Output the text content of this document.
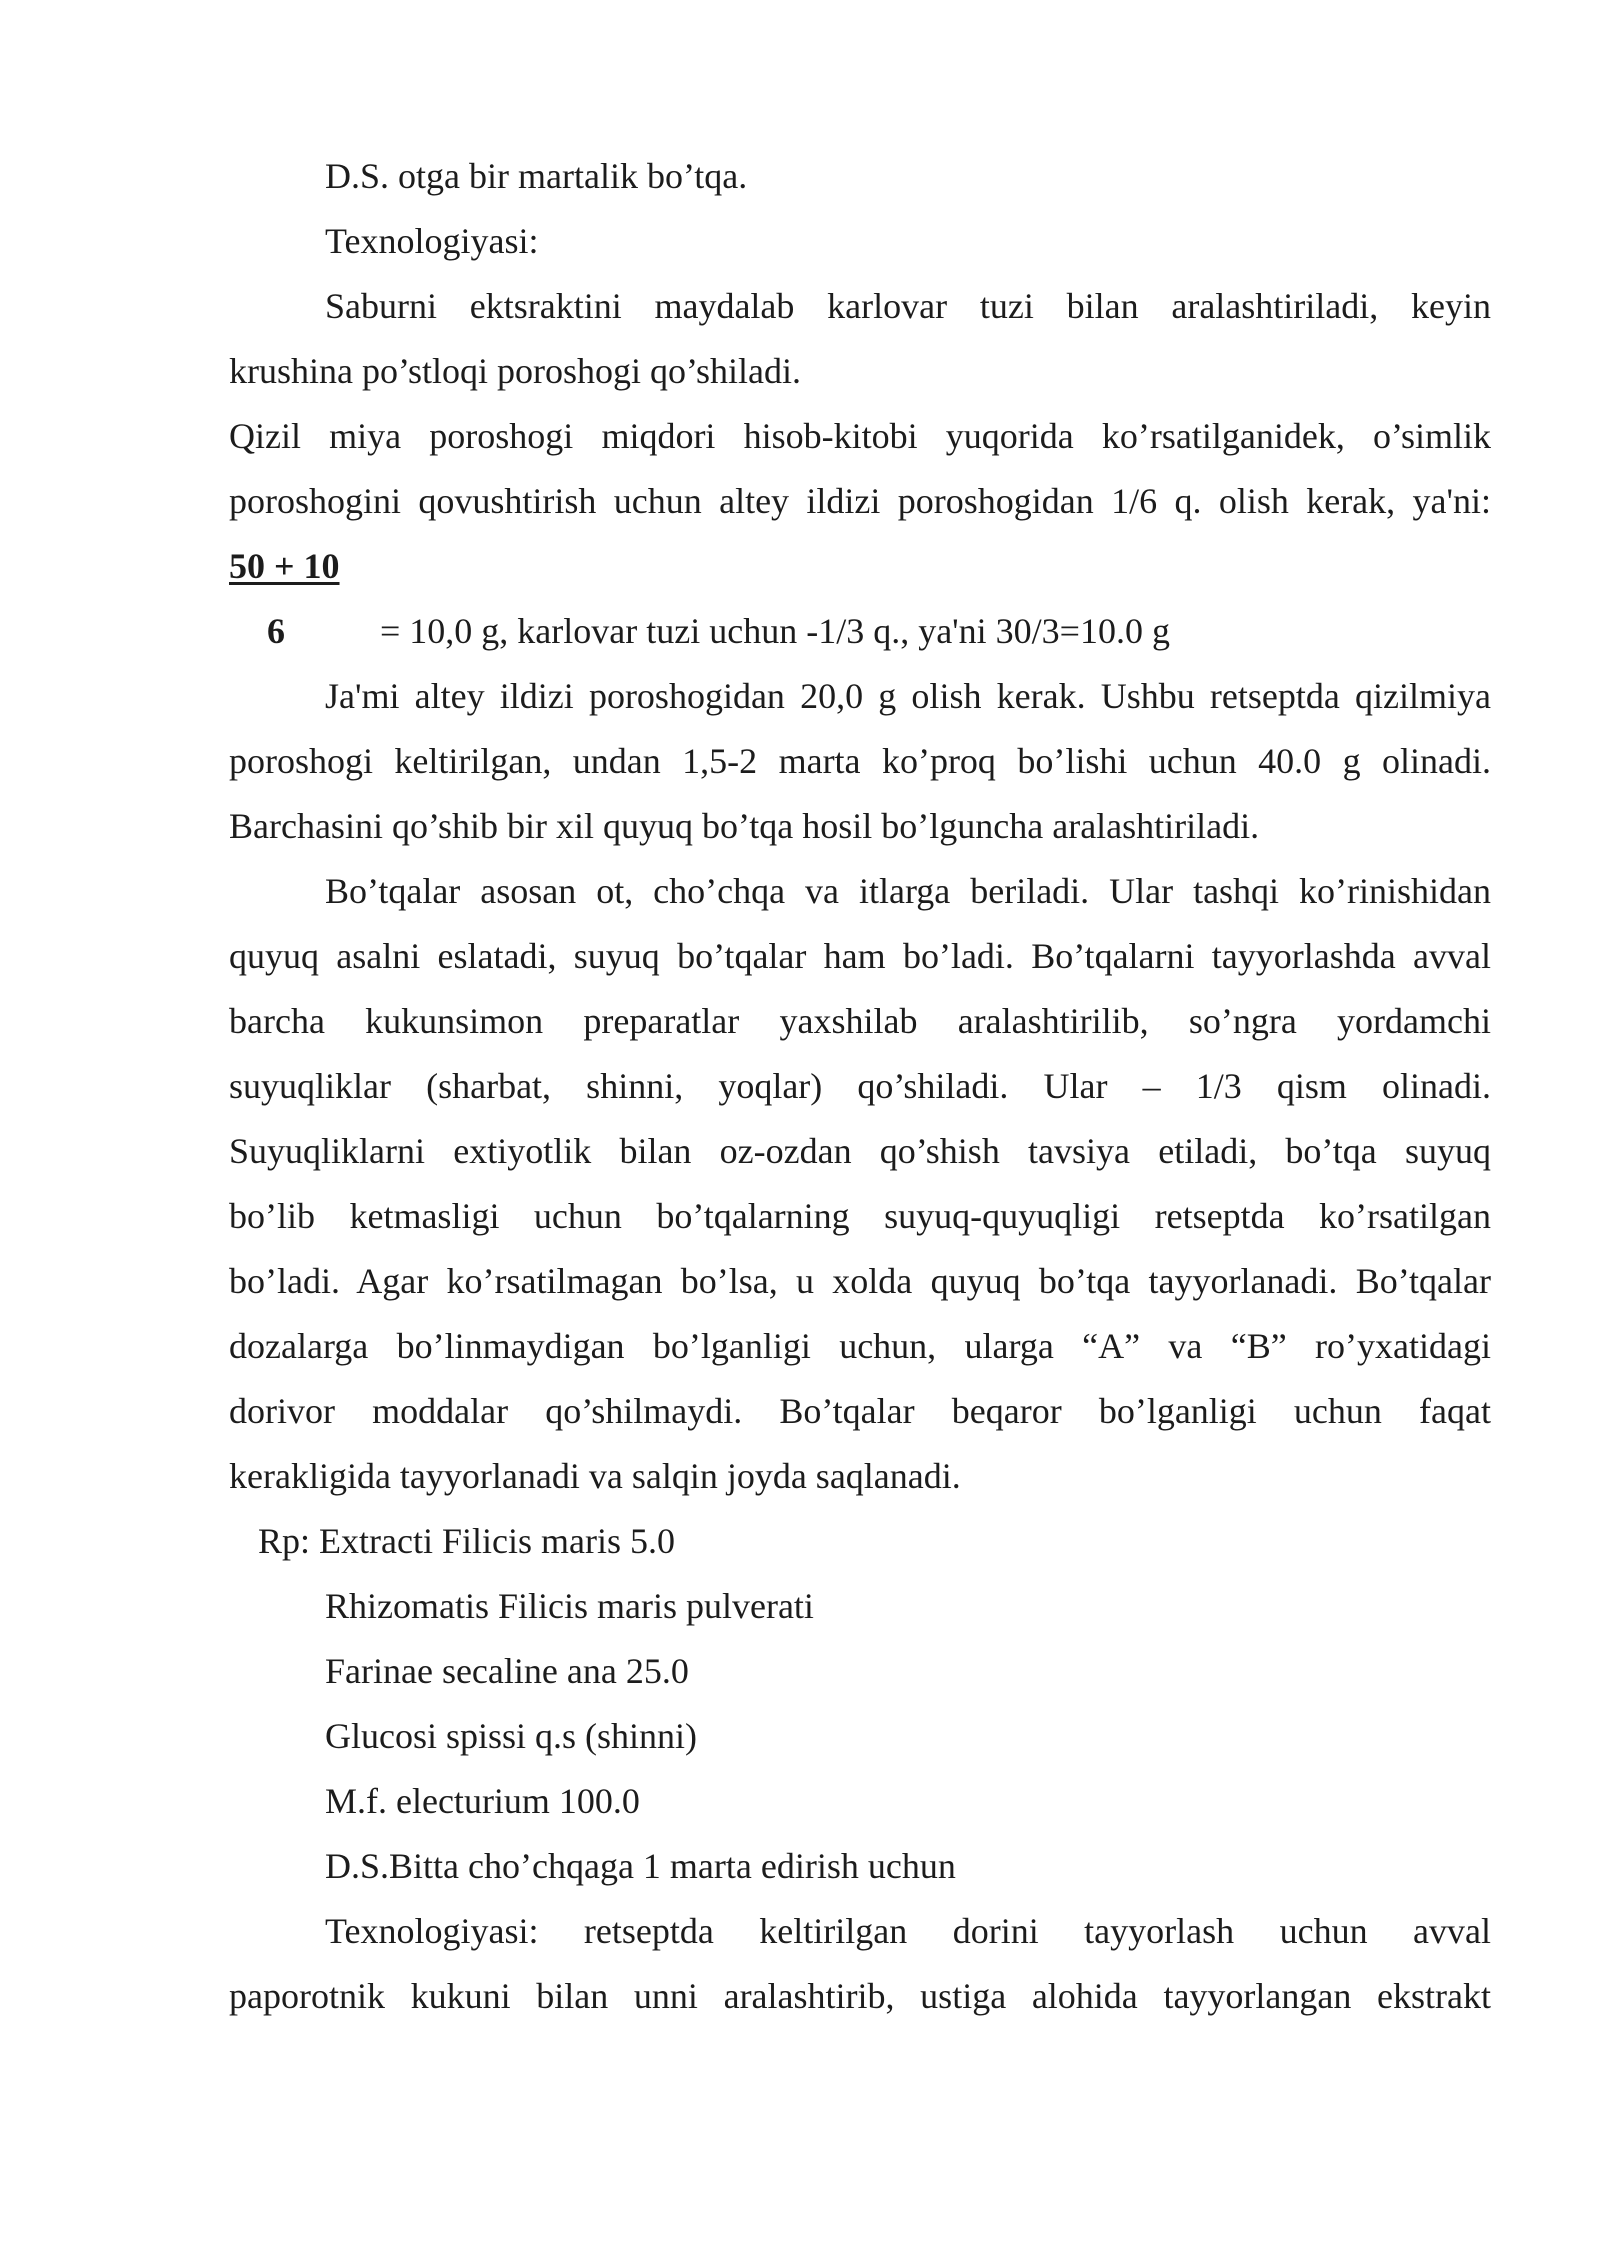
D.S. otga bir martalik bo’tqa.
Texnologiyasi:
Saburni ektsraktini maydalab karlovar tuzi bilan aralashtiriladi, keyin
krushina po’stloqi poroshogi qo’shiladi.
Qizil miya poroshogi miqdori hisob-kitobi yuqorida ko’rsatilganidek, o’simlik
poroshogini qovushtirish uchun altey ildizi poroshogidan 1/6 q. olish kerak, ya'ni:
50 + 10
6	= 10,0 g, karlovar tuzi uchun -1/3 q., ya'ni 30/3=10.0 g
Ja'mi altey ildizi poroshogidan 20,0 g olish kerak. Ushbu retseptda qizilmiya
poroshogi keltirilgan, undan 1,5-2 marta ko’proq bo’lishi uchun 40.0 g olinadi.
Barchasini qo’shib bir xil quyuq bo’tqa hosil bo’lguncha aralashtiriladi.
Bo’tqalar asosan ot, cho’chqa va itlarga beriladi. Ular tashqi ko’rinishidan
quyuq asalni eslatadi, suyuq bo’tqalar ham bo’ladi. Bo’tqalarni tayyorlashda avval
barcha kukunsimon preparatlar yaxshilab aralashtirilib, so’ngra yordamchi
suyuqliklar (sharbat, shinni, yoqlar) qo’shiladi. Ular – 1/3 qism olinadi.
Suyuqliklarni extiyotlik bilan oz-ozdan qo’shish tavsiya etiladi, bo’tqa suyuq
bo’lib ketmasligi uchun bo’tqalarning suyuq-quyuqligi retseptda ko’rsatilgan
bo’ladi. Agar ko’rsatilmagan bo’lsa, u xolda quyuq bo’tqa tayyorlanadi. Bo’tqalar
dozalarga bo’linmaydigan bo’lganligi uchun, ularga “A” va “B” ro’yxatidagi
dorivor moddalar qo’shilmaydi. Bo’tqalar beqaror bo’lganligi uchun faqat
kerakligida tayyorlanadi va salqin joyda saqlanadi.
Rp: Extracti Filicis maris 5.0
Rhizomatis Filicis maris pulverati
Farinae secaline ana 25.0
Glucosi spissi q.s (shinni)
M.f. electurium 100.0
D.S.Bitta cho’chqaga 1 marta edirish uchun
Texnologiyasi: retseptda keltirilgan dorini tayyorlash uchun avval
paporotnik kukuni bilan unni aralashtirib, ustiga alohida tayyorlangan ekstrakt
